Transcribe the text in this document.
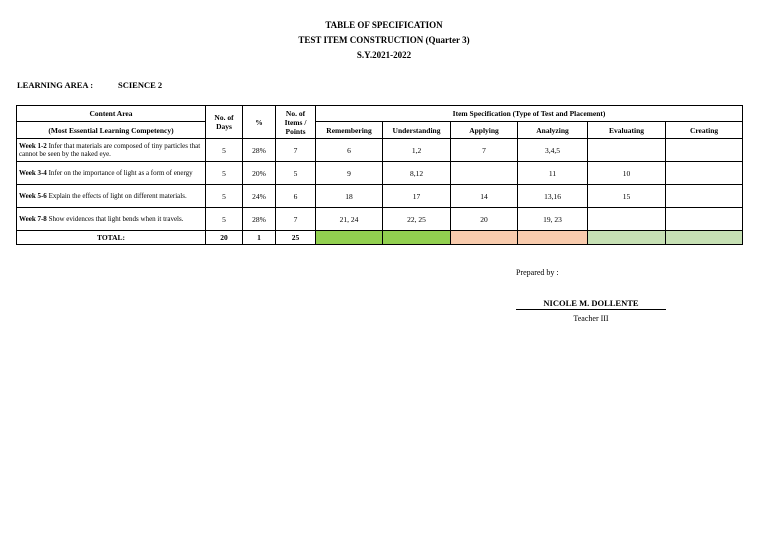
TABLE OF SPECIFICATION
TEST ITEM CONSTRUCTION (Quarter 3)
S.Y.2021-2022
LEARNING AREA :	SCIENCE 2
Content Area	No. of Days	%	No. of Items / Points	Item Specification (Type of Test and Placement)					
(Most Essential Learning Competency)				Remembering	Understanding	Applying	Analyzing	Evaluating	Creating
Week 1-2 Infer that materials are composed of tiny particles that cannot be seen by the naked eye.	5	28%	7	6	1,2	7	3,4,5		
Week 3-4 Infer on the importance of light as a form of energy	5	20%	5	9	8,12		11	10	
Week 5-6 Explain the effects of light on different materials.	5	24%	6	18	17	14	13,16	15	
Week 7-8 Show evidences that light bends when it travels.	5	28%	7	21, 24	22, 25	20	19, 23		
TOTAL:	20	1	25						
Prepared by :
NICOLE M. DOLLENTE
Teacher III
